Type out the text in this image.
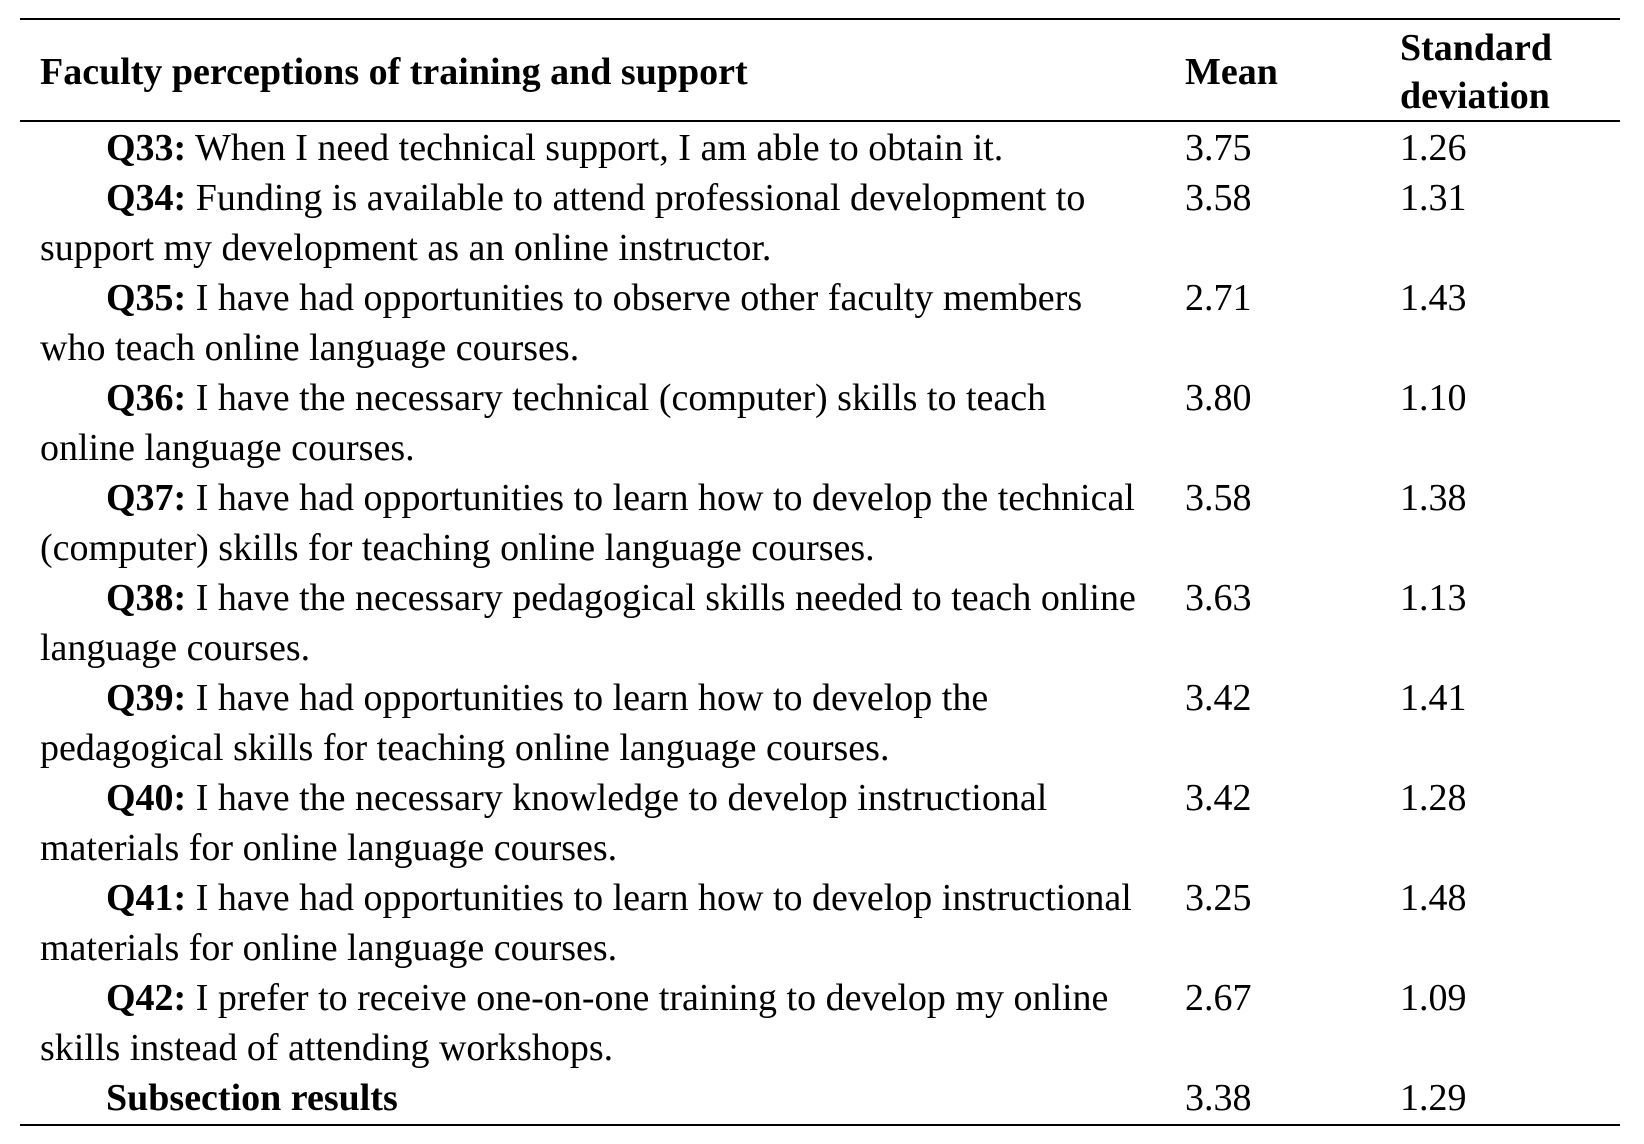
Faculty perceptions of training and support	Mean	Standard
deviation
Q33: When I need technical support, I am able to obtain it.	3.75	1.26
Q34: Funding is available to attend professional development to support my development as an online instructor.	3.58	1.31
Q35: I have had opportunities to observe other faculty members who teach online language courses.	2.71	1.43
Q36: I have the necessary technical (computer) skills to teach online language courses.	3.80	1.10
Q37: I have had opportunities to learn how to develop the technical (computer) skills for teaching online language courses.	3.58	1.38
Q38: I have the necessary pedagogical skills needed to teach online language courses.	3.63	1.13
Q39: I have had opportunities to learn how to develop the pedagogical skills for teaching online language courses.	3.42	1.41
Q40: I have the necessary knowledge to develop instructional materials for online language courses.	3.42	1.28
Q41: I have had opportunities to learn how to develop instructional materials for online language courses.	3.25	1.48
Q42: I prefer to receive one-on-one training to develop my online skills instead of attending workshops.	2.67	1.09
Subsection results	3.38	1.29
